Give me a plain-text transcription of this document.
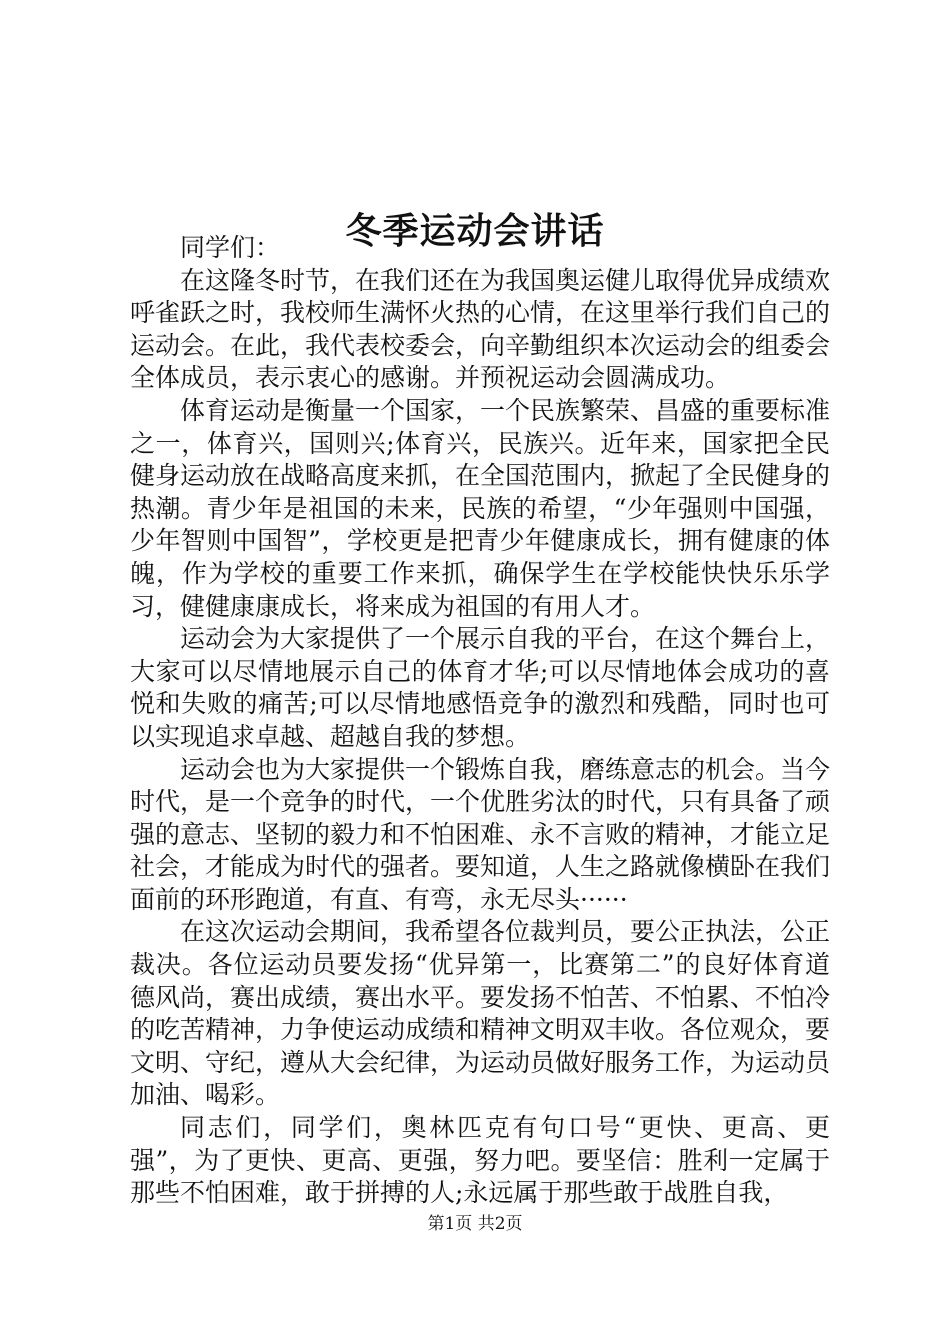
冬季运动会讲话

同学们：

在这隆冬时节，在我们还在为我国奥运健儿取得优异成绩欢呼雀跃之时，我校师生满怀火热的心情，在这里举行我们自己的运动会。在此，我代表校委会，向辛勤组织本次运动会的组委会全体成员，表示衷心的感谢。并预祝运动会圆满成功。

体育运动是衡量一个国家，一个民族繁荣、昌盛的重要标准之一，体育兴，国则兴;体育兴，民族兴。近年来，国家把全民健身运动放在战略高度来抓，在全国范围内，掀起了全民健身的热潮。青少年是祖国的未来，民族的希望，“少年强则中国强，少年智则中国智”，学校更是把青少年健康成长，拥有健康的体魄，作为学校的重要工作来抓，确保学生在学校能快快乐乐学习，健健康康成长，将来成为祖国的有用人才。

运动会为大家提供了一个展示自我的平台，在这个舞台上，大家可以尽情地展示自己的体育才华;可以尽情地体会成功的喜悦和失败的痛苦;可以尽情地感悟竞争的激烈和残酷，同时也可以实现追求卓越、超越自我的梦想。

运动会也为大家提供一个锻炼自我，磨练意志的机会。当今时代，是一个竞争的时代，一个优胜劣汰的时代，只有具备了顽强的意志、坚韧的毅力和不怕困难、永不言败的精神，才能立足社会，才能成为时代的强者。要知道，人生之路就像横卧在我们面前的环形跑道，有直、有弯，永无尽头······

在这次运动会期间，我希望各位裁判员，要公正执法，公正裁决。各位运动员要发扬“优异第一，比赛第二”的良好体育道德风尚，赛出成绩，赛出水平。要发扬不怕苦、不怕累、不怕冷的吃苦精神，力争使运动成绩和精神文明双丰收。各位观众，要文明、守纪，遵从大会纪律，为运动员做好服务工作，为运动员加油、喝彩。

同志们，同学们，奥林匹克有句口号“更快、更高、更强”，为了更快、更高、更强，努力吧。要坚信：胜利一定属于那些不怕困难，敢于拼搏的人;永远属于那些敢于战胜自我，

第1页 共2页
